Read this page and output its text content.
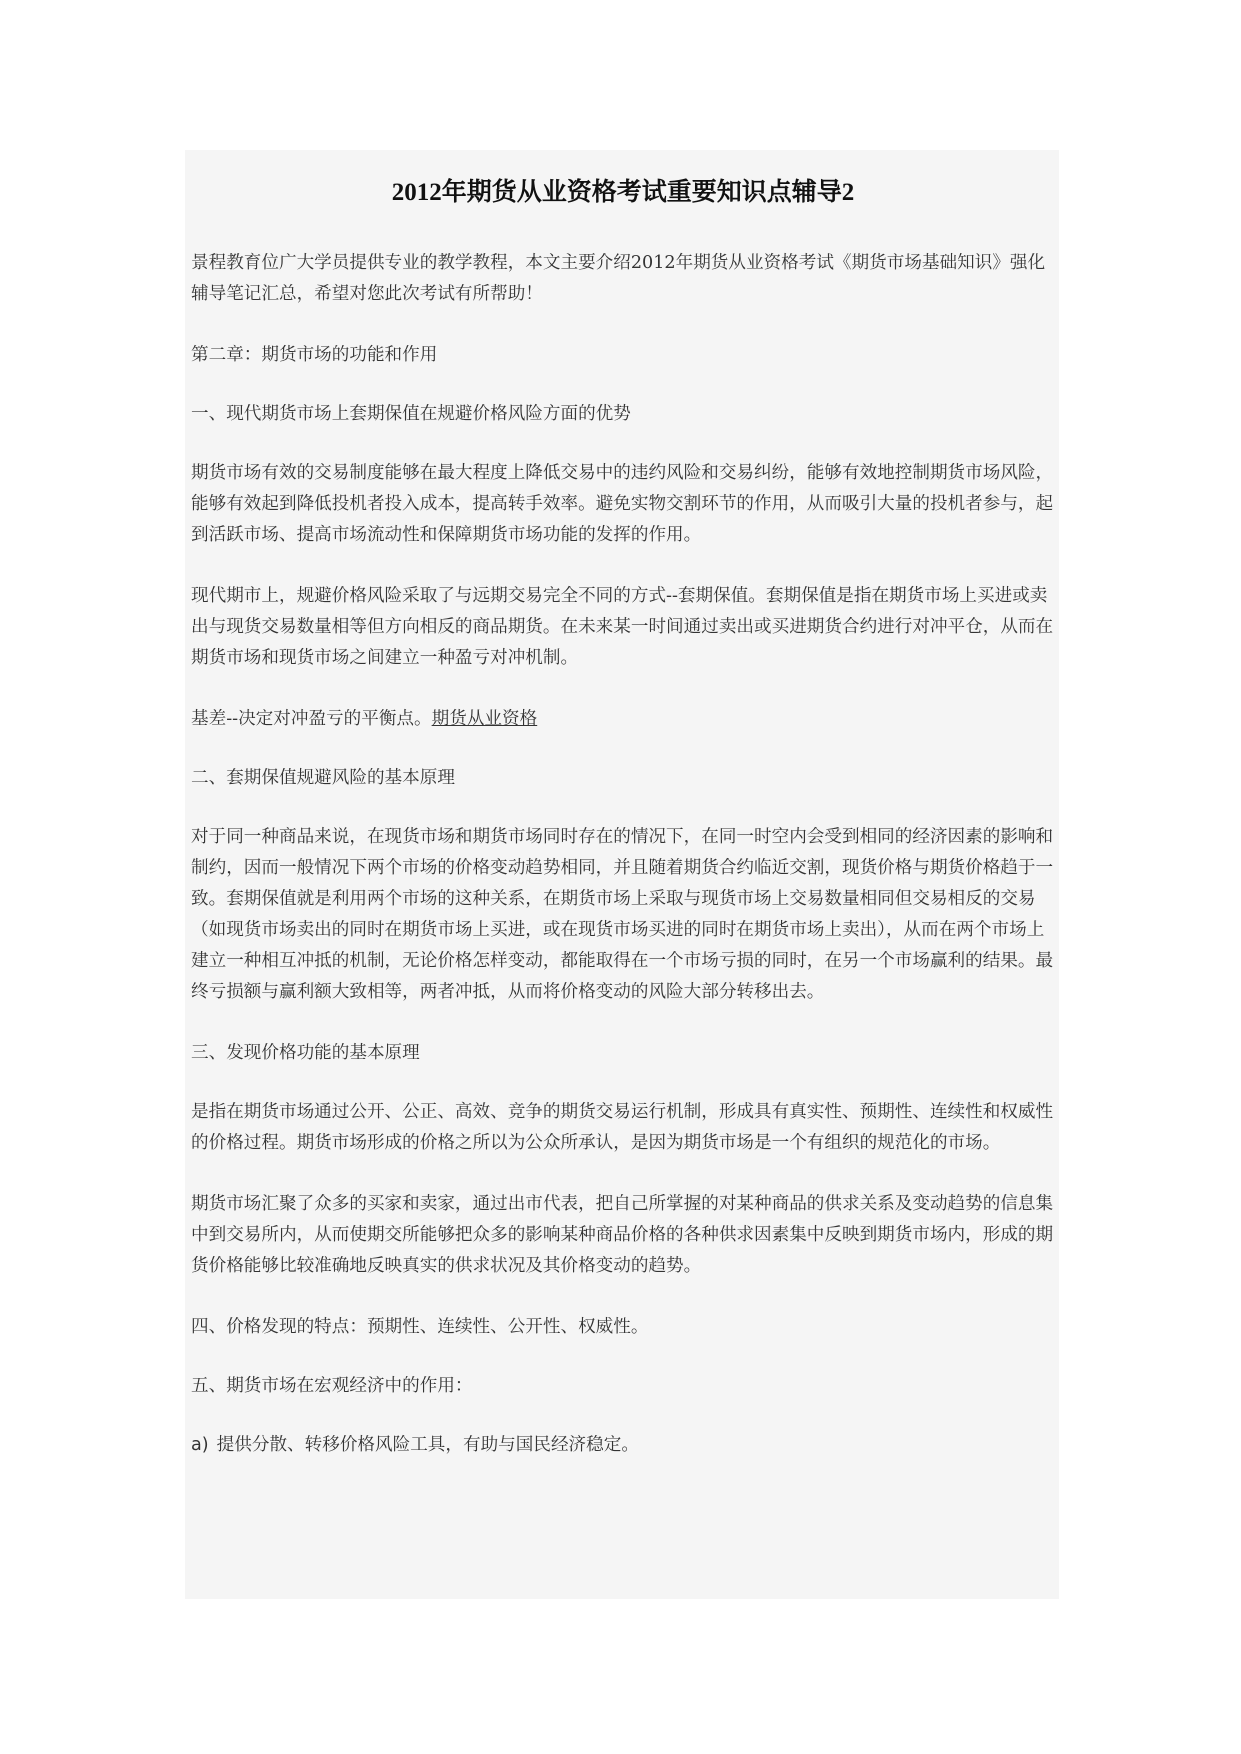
2012年期货从业资格考试重要知识点辅导2

景程教育位广大学员提供专业的教学教程，本文主要介绍2012年期货从业资格考试《期货市场基础知识》强化辅导笔记汇总，希望对您此次考试有所帮助！

第二章：期货市场的功能和作用

一、现代期货市场上套期保值在规避价格风险方面的优势

期货市场有效的交易制度能够在最大程度上降低交易中的违约风险和交易纠纷，能够有效地控制期货市场风险，能够有效起到降低投机者投入成本，提高转手效率。避免实物交割环节的作用，从而吸引大量的投机者参与，起到活跃市场、提高市场流动性和保障期货市场功能的发挥的作用。

现代期市上，规避价格风险采取了与远期交易完全不同的方式--套期保值。套期保值是指在期货市场上买进或卖出与现货交易数量相等但方向相反的商品期货。在未来某一时间通过卖出或买进期货合约进行对冲平仓，从而在期货市场和现货市场之间建立一种盈亏对冲机制。

基差--决定对冲盈亏的平衡点。期货从业资格

二、套期保值规避风险的基本原理

对于同一种商品来说，在现货市场和期货市场同时存在的情况下，在同一时空内会受到相同的经济因素的影响和制约，因而一般情况下两个市场的价格变动趋势相同，并且随着期货合约临近交割，现货价格与期货价格趋于一致。套期保值就是利用两个市场的这种关系，在期货市场上采取与现货市场上交易数量相同但交易相反的交易（如现货市场卖出的同时在期货市场上买进，或在现货市场买进的同时在期货市场上卖出），从而在两个市场上建立一种相互冲抵的机制，无论价格怎样变动，都能取得在一个市场亏损的同时，在另一个市场赢利的结果。最终亏损额与赢利额大致相等，两者冲抵，从而将价格变动的风险大部分转移出去。

三、发现价格功能的基本原理

是指在期货市场通过公开、公正、高效、竞争的期货交易运行机制，形成具有真实性、预期性、连续性和权威性的价格过程。期货市场形成的价格之所以为公众所承认，是因为期货市场是一个有组织的规范化的市场。

期货市场汇聚了众多的买家和卖家，通过出市代表，把自己所掌握的对某种商品的供求关系及变动趋势的信息集中到交易所内，从而使期交所能够把众多的影响某种商品价格的各种供求因素集中反映到期货市场内，形成的期货价格能够比较准确地反映真实的供求状况及其价格变动的趋势。

四、价格发现的特点：预期性、连续性、公开性、权威性。

五、期货市场在宏观经济中的作用：

a) 提供分散、转移价格风险工具，有助与国民经济稳定。
